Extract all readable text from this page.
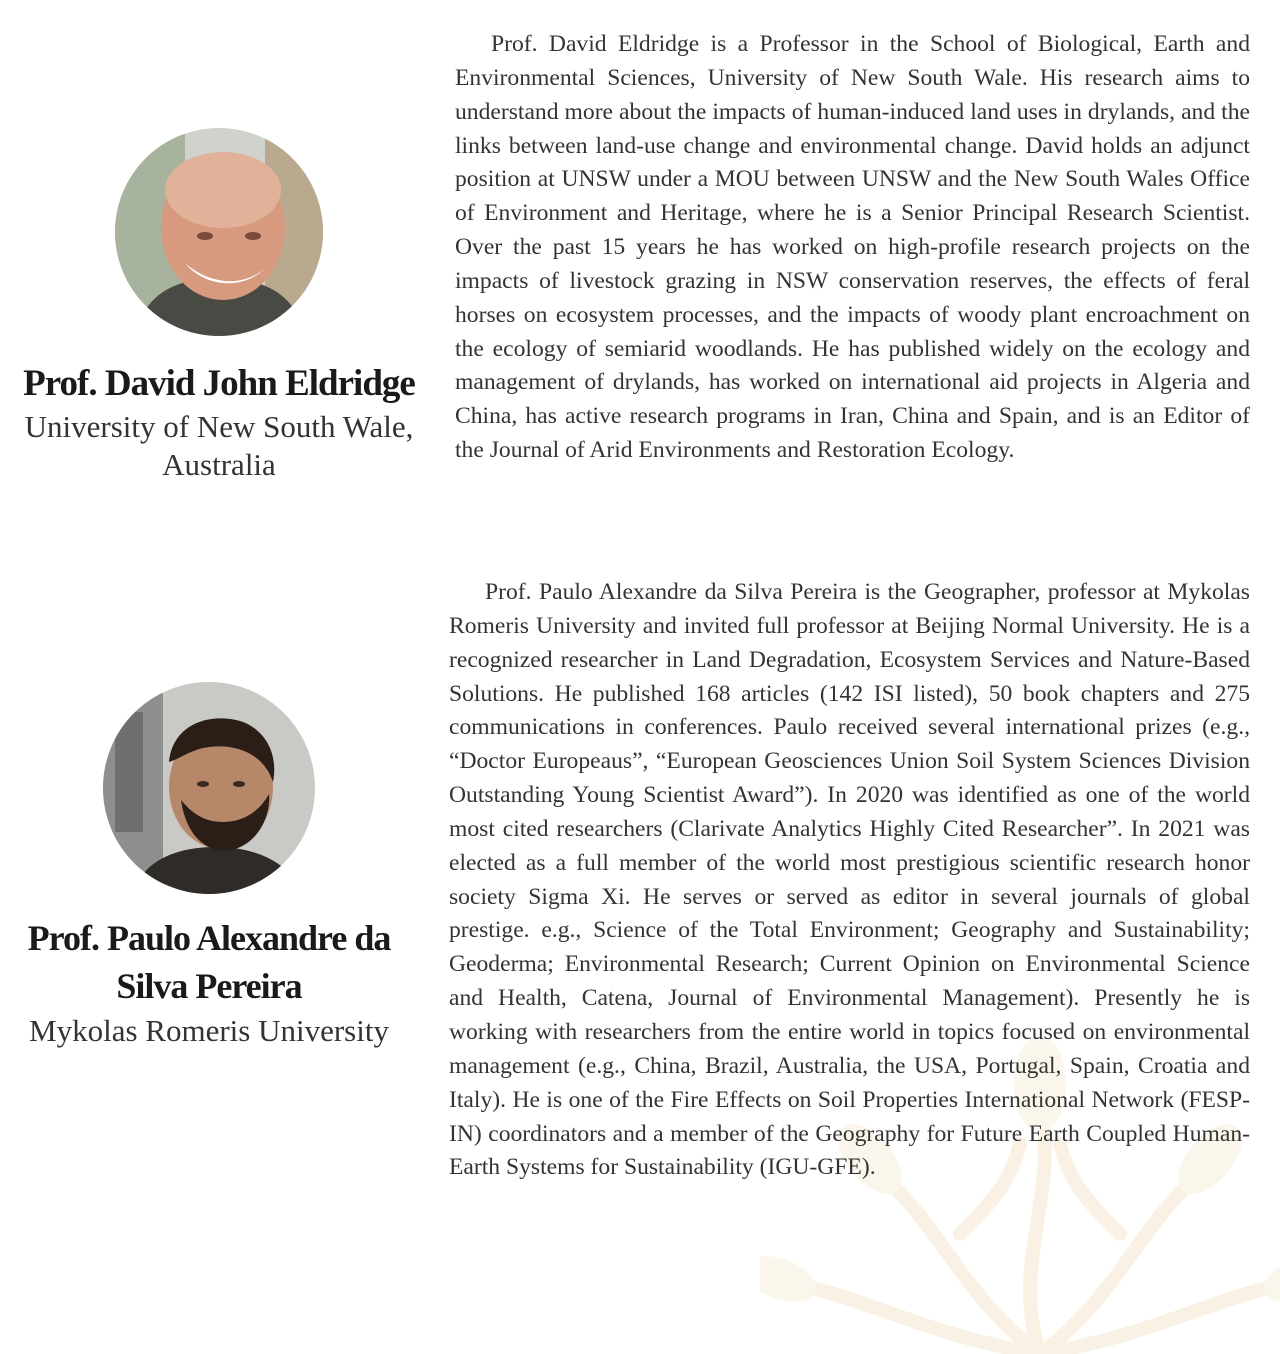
Prof. David John Eldridge

University of New South Wale, Australia

Prof. David Eldridge is a Professor in the School of Biological, Earth and Environmental Sciences, University of New South Wale. His research aims to understand more about the impacts of human-induced land uses in drylands, and the links between land-use change and environmental change. David holds an adjunct position at UNSW under a MOU between UNSW and the New South Wales Office of Environment and Heritage, where he is a Senior Principal Research Scientist. Over the past 15 years he has worked on high-profile research projects on the impacts of livestock grazing in NSW conservation reserves, the effects of feral horses on ecosystem processes, and the impacts of woody plant encroachment on the ecology of semiarid woodlands. He has published widely on the ecology and management of drylands, has worked on international aid projects in Algeria and China, has active research programs in Iran, China and Spain, and is an Editor of the Journal of Arid Environments and Restoration Ecology.

Prof. Paulo Alexandre da Silva Pereira

Mykolas Romeris University

Prof. Paulo Alexandre da Silva Pereira is the Geographer, professor at Mykolas Romeris University and invited full professor at Beijing Normal University. He is a recognized researcher in Land Degradation, Ecosystem Services and Nature-Based Solutions. He published 168 articles (142 ISI listed), 50 book chapters and 275 communications in conferences. Paulo received several international prizes (e.g., “Doctor Europeaus”, “European Geosciences Union Soil System Sciences Division Outstanding Young Scientist Award”). In 2020 was identified as one of the world most cited researchers (Clarivate Analytics Highly Cited Researcher”. In 2021 was elected as a full member of the world most prestigious scientific research honor society Sigma Xi. He serves or served as editor in several journals of global prestige. e.g., Science of the Total Environment; Geography and Sustainability; Geoderma; Environmental Research; Current Opinion on Environmental Science and Health, Catena, Journal of Environmental Management). Presently he is working with researchers from the entire world in topics focused on environmental management (e.g., China, Brazil, Australia, the USA, Portugal, Spain, Croatia and Italy). He is one of the Fire Effects on Soil Properties International Network (FESP-IN) coordinators and a member of the Geography for Future Earth Coupled Human-Earth Systems for Sustainability (IGU-GFE).
